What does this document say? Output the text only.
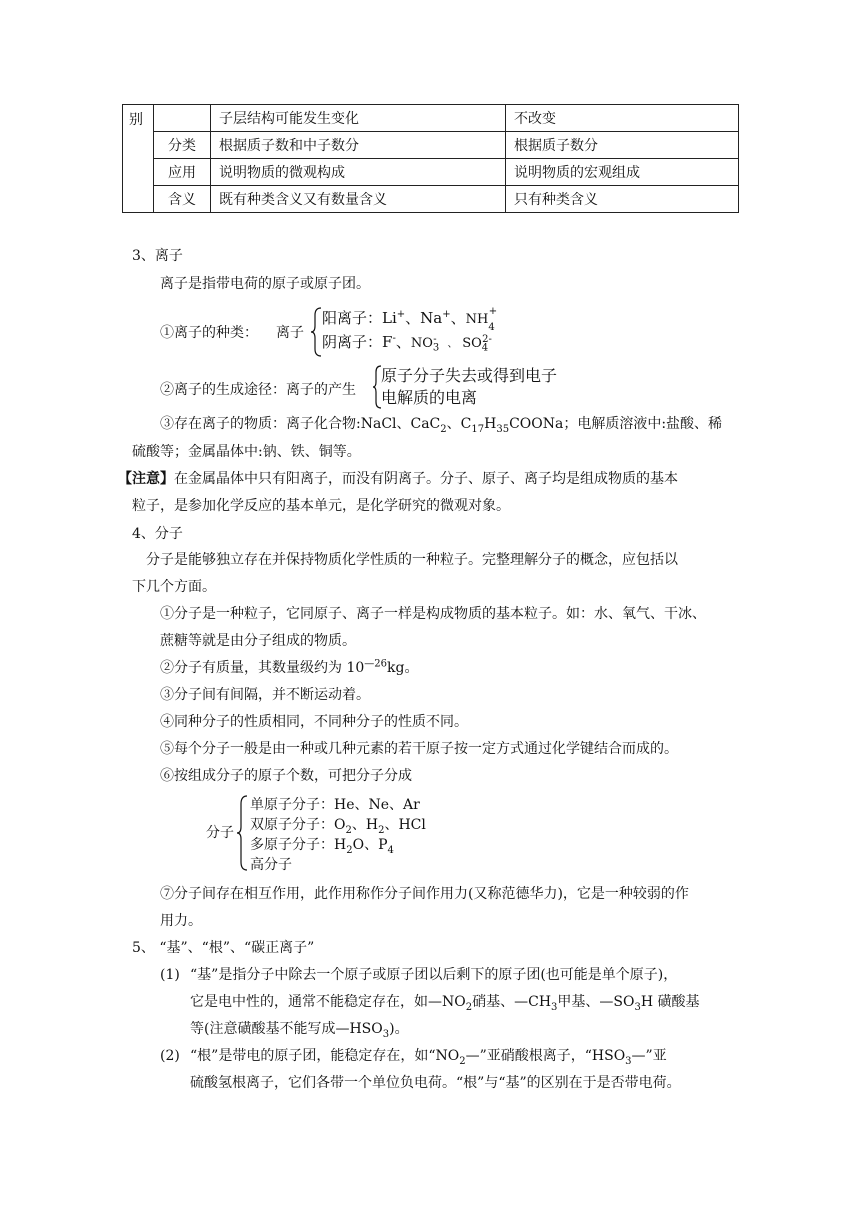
别		子层结构可能发生变化	不改变
	分类	根据质子数和中子数分	根据质子数分
	应用	说明物质的微观构成	说明物质的宏观组成
	含义	既有种类含义又有数量含义	只有种类含义
3、离子
离子是指带电荷的原子或原子团。
①离子的种类： 离子
阳离子：Li+、Na+、$NH_4^+$
阴离子：F-、$NO_3^-$ 、 $SO_4^{2-}$
②离子的生成途径：离子的产生
原子分子失去或得到电子
电解质的电离
③存在离子的物质：离子化合物:NaCl、CaC$_2$、$C_{17}H_{35}COONa$；电解质溶液中:盐酸、稀
硫酸等；金属晶体中:钠、铁、铜等。
【注意】在金属晶体中只有阳离子，而没有阴离子。分子、原子、离子均是组成物质的基本
粒子，是参加化学反应的基本单元，是化学研究的微观对象。
4、分子
分子是能够独立存在并保持物质化学性质的一种粒子。完整理解分子的概念，应包括以
下几个方面。
①分子是一种粒子，它同原子、离子一样是构成物质的基本粒子。如：水、氧气、干冰、
蔗糖等就是由分子组成的物质。
②分子有质量，其数量级约为 $10^{—26}kg$。
③分子间有间隔，并不断运动着。
④同种分子的性质相同，不同种分子的性质不同。
⑤每个分子一般是由一种或几种元素的若干原子按一定方式通过化学键结合而成的。
⑥按组成分子的原子个数，可把分子分成
分子
单原子分子：He、Ne、Ar
双原子分子：$O_2$、$H_2$、HCl
多原子分子：$H_2O$、$P_4$
高分子
⑦分子间存在相互作用，此作用称作分子间作用力(又称范德华力)，它是一种较弱的作
用力。
5、 “基”、“根”、“碳正离子”
(1) “基”是指分子中除去一个原子或原子团以后剩下的原子团(也可能是单个原子)，
它是电中性的，通常不能稳定存在，如$—NO_2$硝基、$—CH_3$甲基、$—SO_3H$ 磺酸基
等(注意磺酸基不能写成$—HSO_3$)。
(2) “根”是带电的原子团，能稳定存在，如“$NO_2—$”亚硝酸根离子，“$HSO_3—$”亚
硫酸氢根离子，它们各带一个单位负电荷。“根”与“基”的区别在于是否带电荷。
